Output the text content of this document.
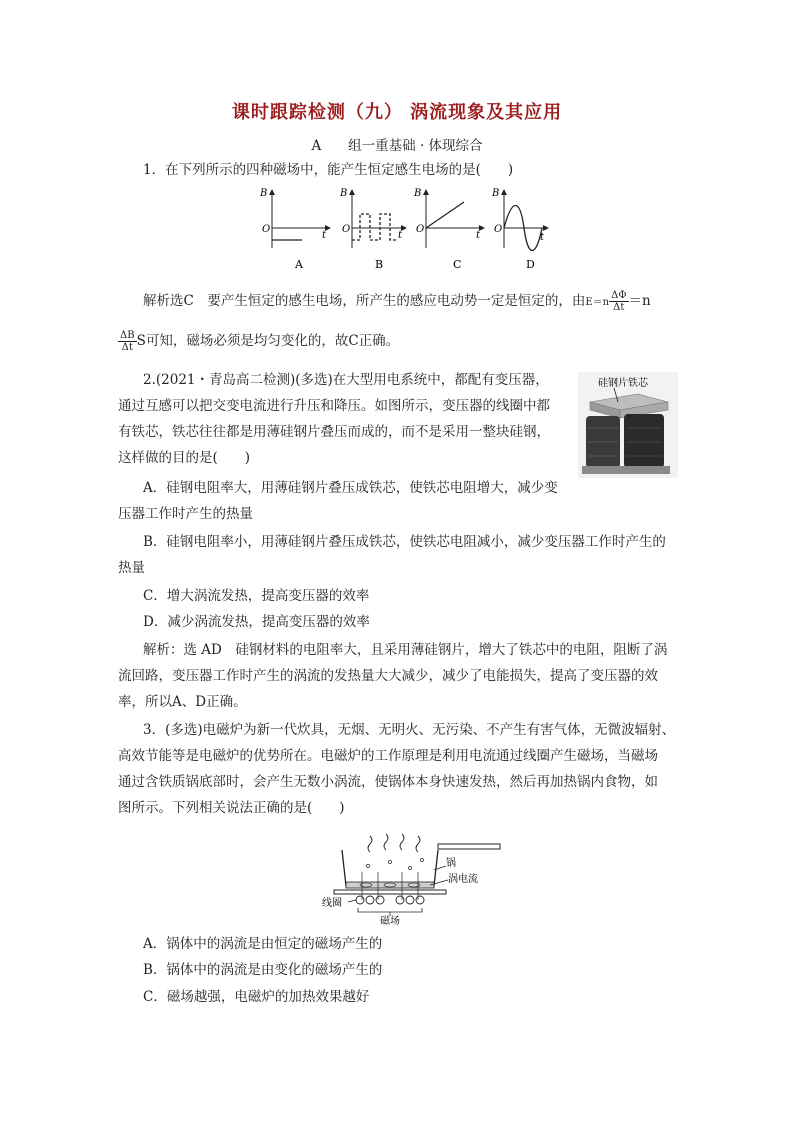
课时跟踪检测（九） 涡流现象及其应用
A　　组一重基础 · 体现综合
1．在下列所示的四种磁场中，能产生恒定感生电场的是(　　)
B
O
t
A
B
O
t
B
B
O
t
C
B
O
t
D
解析选C　要产生恒定的感生电场，所产生的感应电动势一定是恒定的，由$E=n \frac{\Delta\Phi}{\Delta t} =n$
$\frac{\Delta B}{\Delta t}$ S可知，磁场必须是均匀变化的，故C正确。
2.(2021・青岛高二检测)(多选)在大型用电系统中，都配有变压器，
通过互感可以把交变电流进行升压和降压。如图所示，变压器的线圈中都
有铁芯，铁芯往往都是用薄硅钢片叠压而成的，而不是采用一整块硅钢，
这样做的目的是(　　)
硅钢片铁芯
A．硅钢电阻率大，用薄硅钢片叠压成铁芯，使铁芯电阻增大，减少变
压器工作时产生的热量
B．硅钢电阻率小，用薄硅钢片叠压成铁芯，使铁芯电阻减小，减少变压器工作时产生的
热量
C．增大涡流发热，提高变压器的效率
D．减少涡流发热，提高变压器的效率
解析：选 AD　硅钢材料的电阻率大，且采用薄硅钢片，增大了铁芯中的电阻，阻断了涡
流回路，变压器工作时产生的涡流的发热量大大减少，减少了电能损失，提高了变压器的效
率，所以A、D正确。
3．(多选)电磁炉为新一代炊具，无烟、无明火、无污染、不产生有害气体，无微波辐射、
高效节能等是电磁炉的优势所在。电磁炉的工作原理是利用电流通过线圈产生磁场，当磁场
通过含铁质锅底部时，会产生无数小涡流，使锅体本身快速发热，然后再加热锅内食物，如
图所示。下列相关说法正确的是(　　)
锅
涡电流
线圈
磁场
A．锅体中的涡流是由恒定的磁场产生的
B．锅体中的涡流是由变化的磁场产生的
C．磁场越强，电磁炉的加热效果越好
